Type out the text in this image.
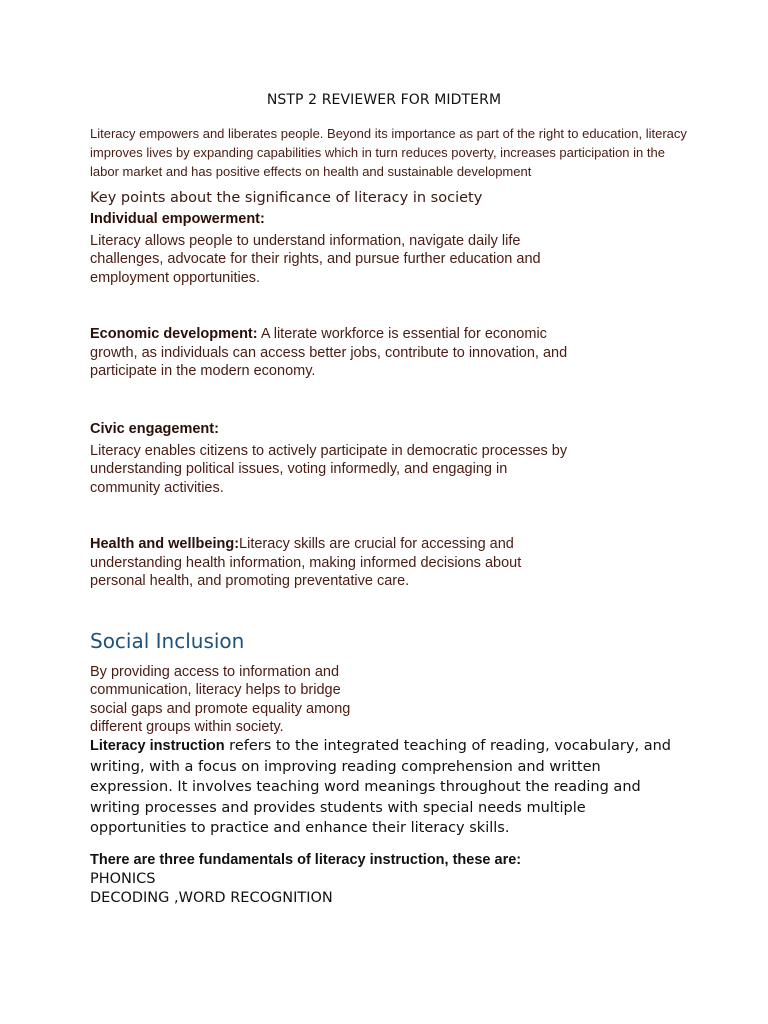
NSTP 2 REVIEWER FOR MIDTERM
Literacy empowers and liberates people. Beyond its importance as part of the right to education, literacy improves lives by expanding capabilities which in turn reduces poverty, increases participation in the labor market and has positive effects on health and sustainable development
Key points about the significance of literacy in society
Individual empowerment:
Literacy allows people to understand information, navigate daily life challenges, advocate for their rights, and pursue further education and employment opportunities.
Economic development: A literate workforce is essential for economic growth, as individuals can access better jobs, contribute to innovation, and participate in the modern economy.
Civic engagement:
Literacy enables citizens to actively participate in democratic processes by understanding political issues, voting informedly, and engaging in community activities.
Health and wellbeing:Literacy skills are crucial for accessing and understanding health information, making informed decisions about personal health, and promoting preventative care.
Social Inclusion
By providing access to information and communication, literacy helps to bridge social gaps and promote equality among different groups within society.
Literacy instruction refers to the integrated teaching of reading, vocabulary, and writing, with a focus on improving reading comprehension and written expression. It involves teaching word meanings throughout the reading and writing processes and provides students with special needs multiple opportunities to practice and enhance their literacy skills.
There are three fundamentals of literacy instruction, these are:
PHONICS
DECODING ,WORD RECOGNITION
